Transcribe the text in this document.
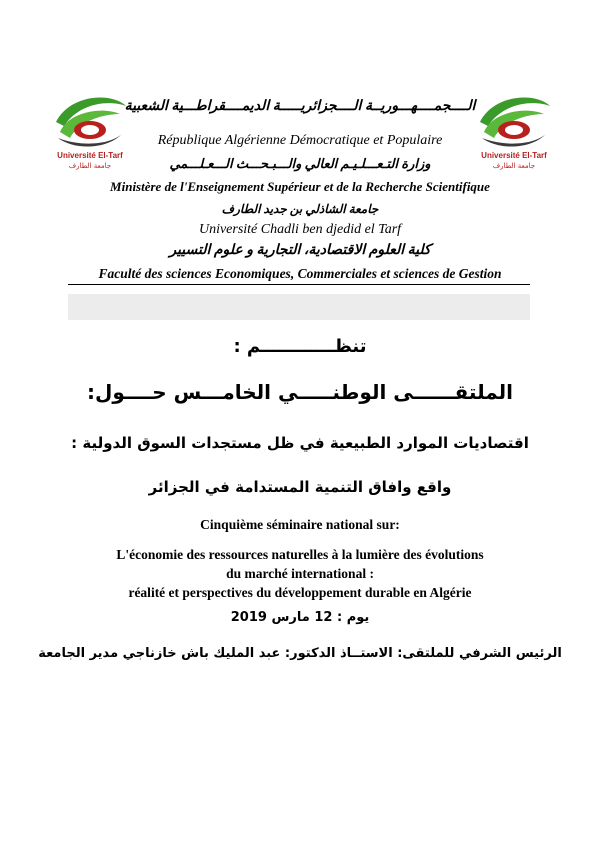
Université El-Tarf
جامعة الطارف
Université El-Tarf
جامعة الطارف
الــــجمــــهـــوريــة الــــجزائريـــــة الديمــــقراطـــية الشعبية
République Algérienne Démocratique et Populaire
وزارة التـعـــلـيـم العالي والـــبـحـــث الـــعـلـــمي
Ministère de l'Enseignement Supérieur et de la Recherche Scientifique
جامعة الشاذلي بن جديد الطارف
Université Chadli ben djedid el Tarf
كلية العلوم الاقتصادية، التجارية و علوم التسيير
Faculté des sciences Economiques, Commerciales et sciences de Gestion
تنظــــــــــــم :
الملتقــــــى الوطنـــــي الخامـــس حــــول:
اقتصاديات الموارد الطبيعية في ظل مستجدات السوق الدولية :
واقع وافاق التنمية المستدامة في الجزائر
Cinquième séminaire national sur:
L'économie des ressources naturelles à la lumière des évolutions
du marché international :
réalité et perspectives du développement durable en Algérie
يوم : 12 مارس 2019
الرئيس الشرفي للملتقى: الاستــاذ الدكتور: عبد المليك باش خازناجي مدير الجامعة
